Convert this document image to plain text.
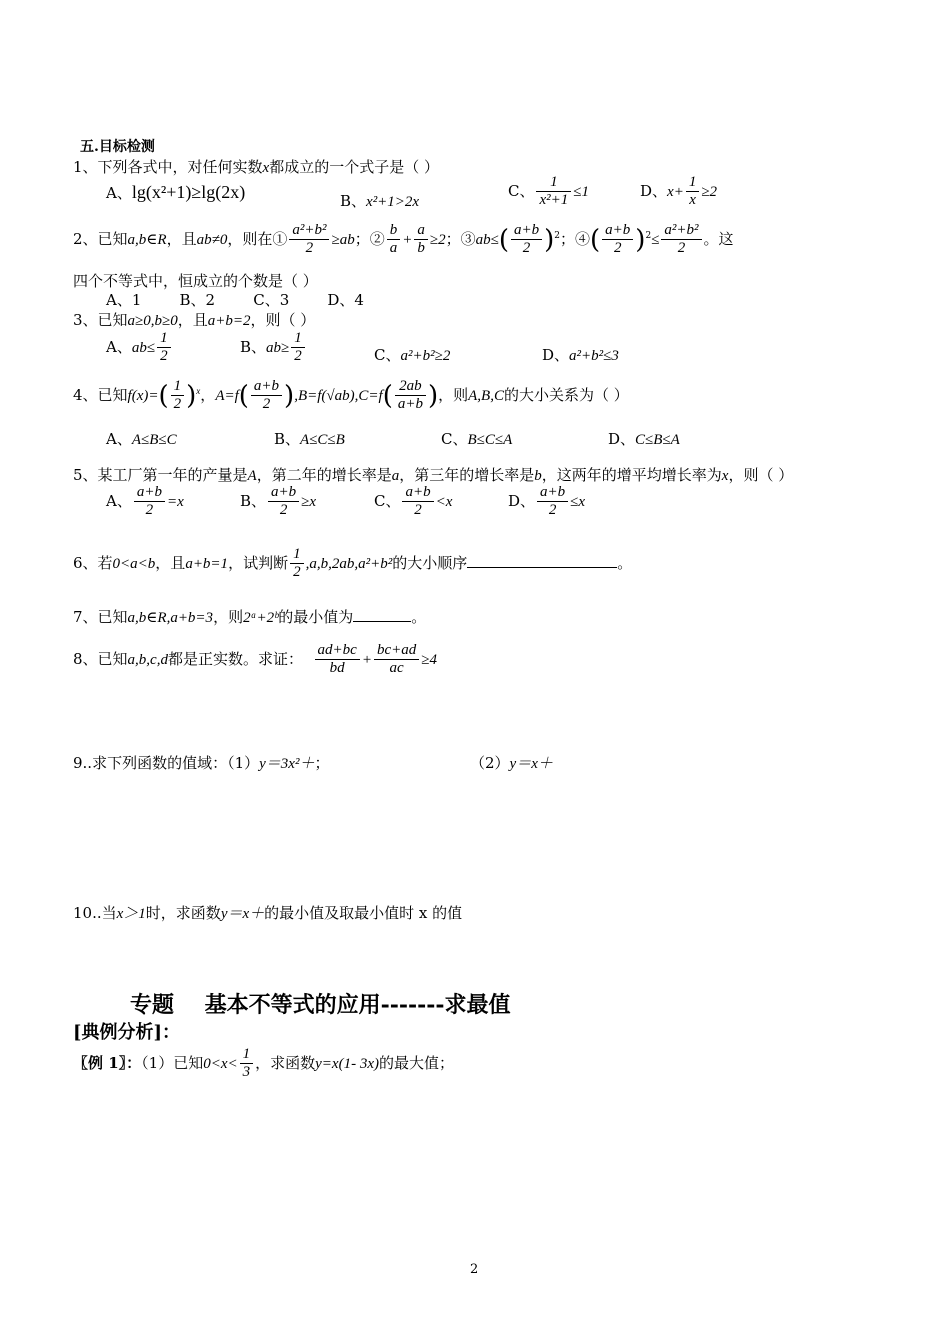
五.目标检测
1、下列各式中，对任何实数x都成立的一个式子是（ ）
A、lg(x²+1)≥lg(2x)	B、x²+1>2x
C、 $\frac{1}{\text{x²+1}} \le 1$	D、$x+ \frac{1}{x} \ge 2$
2、已知a,b∈R，且ab≠0，则在① $\frac{\text{a²+b²}}{2} \ge ab$；② $\frac{b}{a} + \frac{a}{b} \ge 2$；③ab≤( $\frac{a+b}{2} )^2$；④( $\frac{a+b}{2} )^2\le \frac{\text{a²+b²}}{2}$ 。这
四个不等式中，恒成立的个数是（ ）
A、1        B、2        C、3        D、4
3、已知a≥0,b≥0，且a+b=2，则（ ）
A、$ab\le \frac{1}{2}$	B、$ab\ge \frac{1}{2}$	C、a²+b²≥2	D、a²+b²≤3
4、已知$f(x)=( \frac{1}{2} )^x$，$A=f( \frac{a+b}{2} ),B=f(√ab),C=f( \frac{2ab}{a+b}$ )，则A,B,C的大小关系为（ ）
A、A≤B≤C	B、A≤C≤B	C、B≤C≤A	D、C≤B≤A
5、某工厂第一年的产量是A，第二年的增长率是a，第三年的增长率是b，这两年的增平均增长率为x，则（ ）
A、 $\frac{a+b}{2} =x$	B、 $\frac{a+b}{2} \ge x$	C、 $\frac{a+b}{2} <x$	D、 $\frac{a+b}{2} \le x$
6、若0<a<b，且a+b=1，试判断 $\frac{1}{2} ,a,b,2ab,a^2+b^2$的大小顺序	。
7、已知a,b∈R,a+b=3，则2ᵃ+2ᵇ的最小值为	。
8、已知a,b,c,d都是正实数。求证： $\frac{ad+bc}{bd} + \frac{bc+ad}{ac} \ge 4$
9..求下列函数的值域：（1）y＝3x²＋；	（2）y＝x＋
10..当x＞1时，求函数y＝x＋的最小值及取最小值时 x 的值
专题    基本不等式的应用-------求最值
[典例分析]：
〖例 1〗：（1）已知$0<x< \frac{1}{3}$ ，求函数y=x(1- 3x)的最大值；
2
